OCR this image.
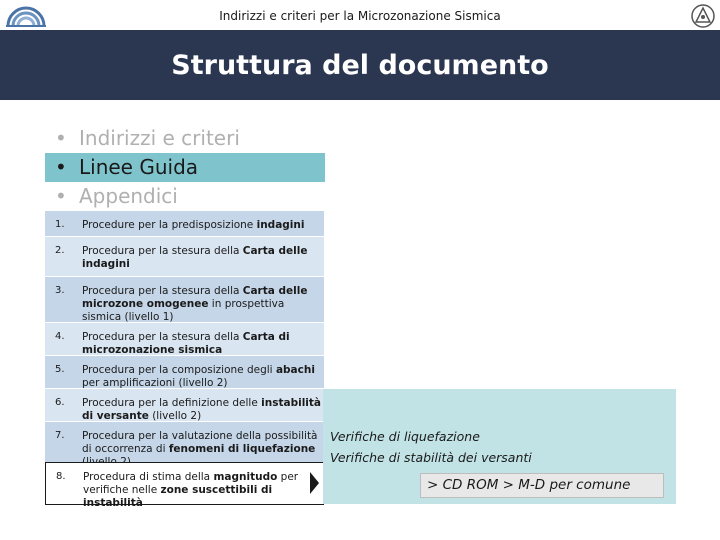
Indirizzi e criteri per la Microzonazione Sismica
Struttura del documento
• Indirizzi e criteri
• Linee Guida
• Appendici
1. Procedure per la predisposizione indagini
2. Procedura per la stesura della Carta delle indagini
3. Procedura per la stesura della Carta delle microzone omogenee in prospettiva sismica (livello 1)
4. Procedura per la stesura della Carta di microzonazione sismica
5. Procedura per la composizione degli abachi per amplificazioni (livello 2)
6. Procedura per la definizione delle instabilità di versante (livello 2)
7. Procedura per la valutazione della possibilità di occorrenza di fenomeni di liquefazione
8. Procedura di stima della magnitudo per verifiche nelle zone suscettibili di instabilità
Verifiche di liquefazione
Verifiche di stabilità dei versanti
> CD ROM > M-D per comune
